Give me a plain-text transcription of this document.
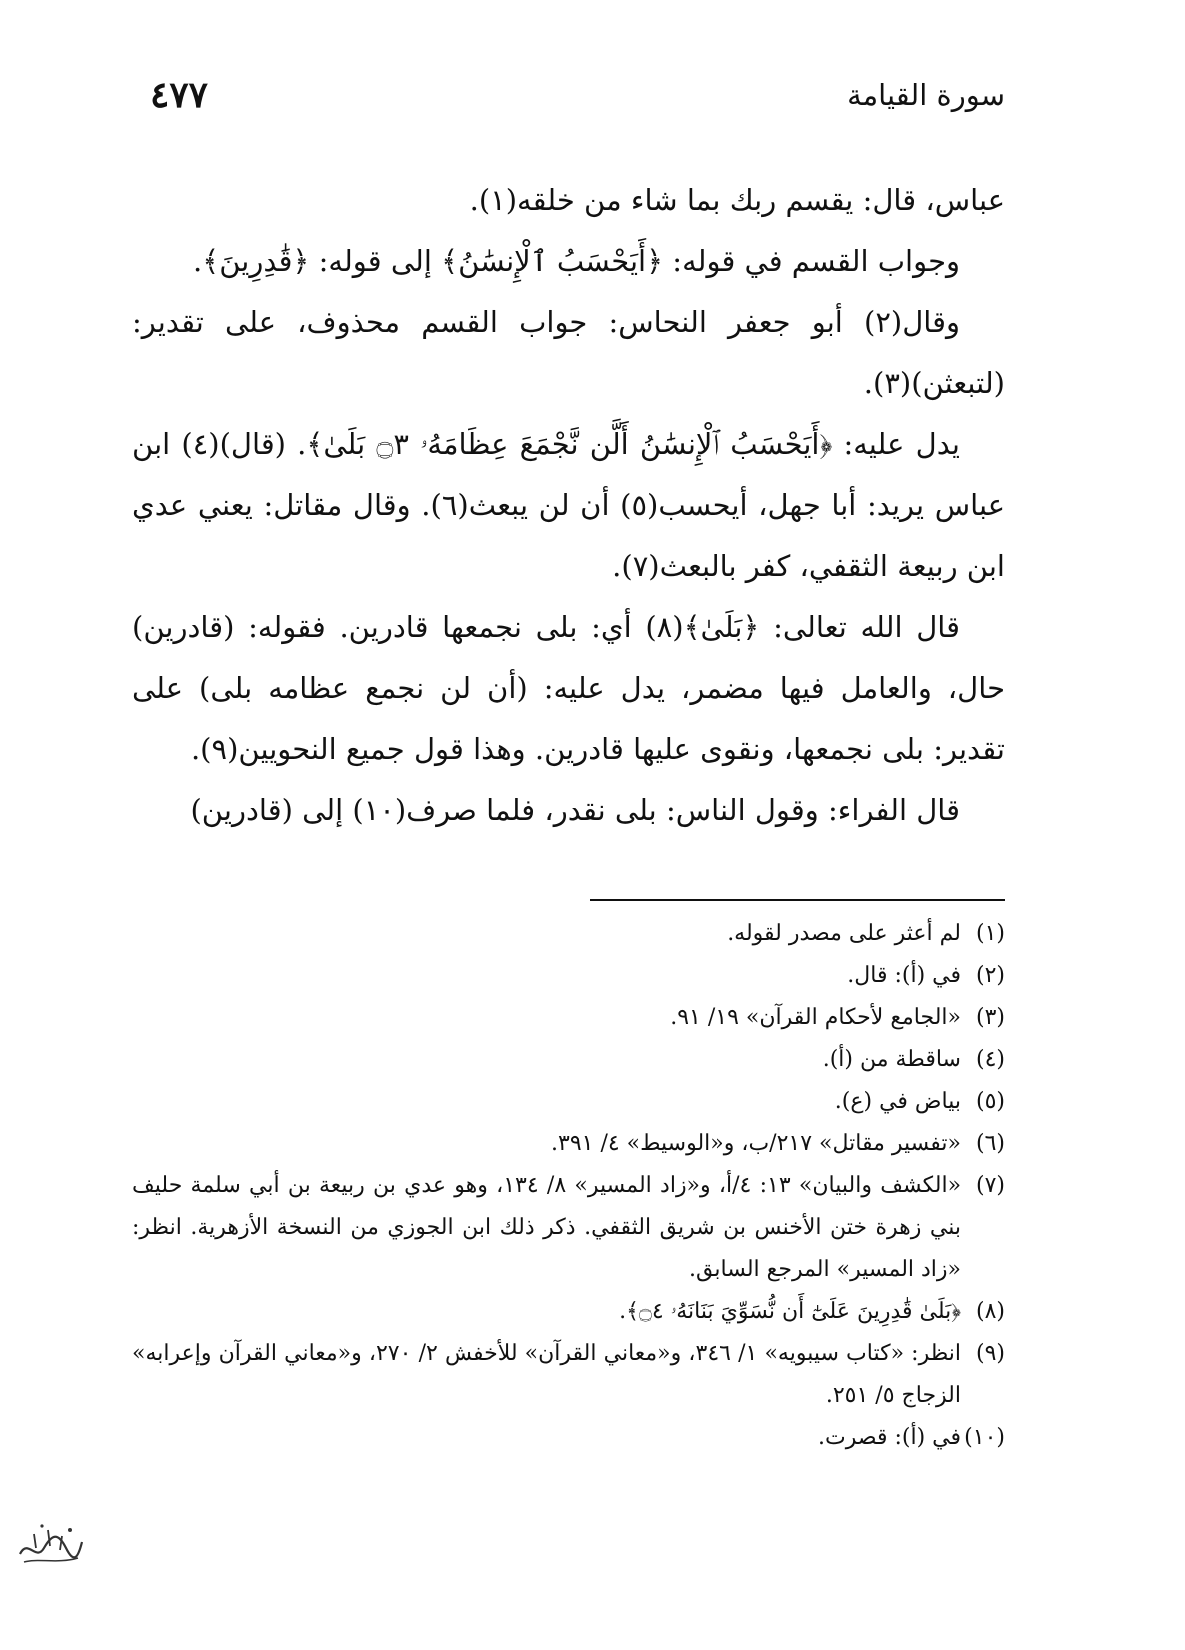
سورة القيامة
٤٧٧

عباس، قال: يقسم ربك بما شاء من خلقه(١).

وجواب القسم في قوله: ﴿أَيَحْسَبُ ٱلْإِنسَٰنُ﴾ إلى قوله: ﴿قَٰدِرِينَ﴾.

وقال(٢) أبو جعفر النحاس: جواب القسم محذوف، على تقدير: (لتبعثن)(٣).

يدل عليه: ﴿أَيَحْسَبُ ٱلْإِنسَٰنُ أَلَّن نَّجْمَعَ عِظَامَهُۥ ۝٣ بَلَىٰ﴾. (قال)(٤) ابن عباس يريد: أبا جهل، أيحسب(٥) أن لن يبعث(٦). وقال مقاتل: يعني عدي ابن ربيعة الثقفي، كفر بالبعث(٧).

قال الله تعالى: ﴿بَلَىٰ﴾(٨) أي: بلى نجمعها قادرين. فقوله: (قادرين) حال، والعامل فيها مضمر، يدل عليه: (أن لن نجمع عظامه بلى) على تقدير: بلى نجمعها، ونقوى عليها قادرين. وهذا قول جميع النحويين(٩).

قال الفراء: وقول الناس: بلى نقدر، فلما صرف(١٠) إلى (قادرين)

(١)
لم أعثر على مصدر لقوله.
(٢)
في (أ): قال.
(٣)
«الجامع لأحكام القرآن» ١٩/ ٩١.
(٤)
ساقطة من (أ).
(٥)
بياض في (ع).
(٦)
«تفسير مقاتل» ٢١٧/ب، و«الوسيط» ٤/ ٣٩١.
(٧)
«الكشف والبيان» ١٣: ٤/أ، و«زاد المسير» ٨/ ١٣٤، وهو عدي بن ربيعة بن أبي سلمة حليف بني زهرة ختن الأخنس بن شريق الثقفي. ذكر ذلك ابن الجوزي من النسخة الأزهرية. انظر: «زاد المسير» المرجع السابق.
(٨)
﴿بَلَىٰ قَٰدِرِينَ عَلَىٰٓ أَن نُّسَوِّيَ بَنَانَهُۥ ۝٤﴾.
(٩)
انظر: «كتاب سيبويه» ١/ ٣٤٦، و«معاني القرآن» للأخفش ٢/ ٢٧٠، و«معاني القرآن وإعرابه» الزجاج ٥/ ٢٥١.
(١٠)
في (أ): قصرت.
